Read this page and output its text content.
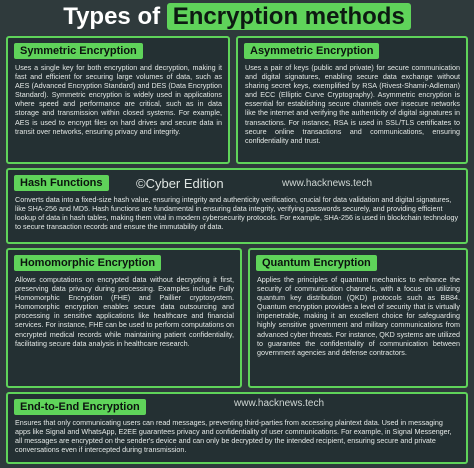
Types of Encryption methods
Symmetric Encryption
Uses a single key for both encryption and decryption, making it fast and efficient for securing large volumes of data, such as AES (Advanced Encryption Standard) and DES (Data Encryption Standard). Symmetric encryption is widely used in applications where speed and performance are critical, such as in data storage and transmission within closed systems. For example, AES is used to encrypt files on hard drives and secure data in transit over networks, ensuring privacy and integrity.
Asymmetric Encryption
Uses a pair of keys (public and private) for secure communication and digital signatures, enabling secure data exchange without sharing secret keys, exemplified by RSA (Rivest-Shamir-Adleman) and ECC (Elliptic Curve Cryptography). Asymmetric encryption is essential for establishing secure channels over insecure networks like the internet and verifying the authenticity of digital signatures in transactions. For instance, RSA is used in SSL/TLS certificates to secure online transactions and communications, ensuring confidentiality and trust.
Hash Functions
Converts data into a fixed-size hash value, ensuring integrity and authenticity verification, crucial for data validation and digital signatures, like SHA-256 and MD5. Hash functions are fundamental in ensuring data integrity, verifying passwords securely, and providing efficient lookup of data in hash tables, making them vital in modern cybersecurity protocols. For example, SHA-256 is used in blockchain technology to secure transaction records and ensure the immutability of data.
©Cyber Edition	www.hacknews.tech
Homomorphic Encryption
Allows computations on encrypted data without decrypting it first, preserving data privacy during processing. Examples include Fully Homomorphic Encryption (FHE) and Paillier cryptosystem. Homomorphic encryption enables secure data outsourcing and processing in sensitive applications like healthcare and financial services. For instance, FHE can be used to perform computations on encrypted medical records while maintaining patient confidentiality, facilitating secure data analysis in healthcare research.
Quantum Encryption
Applies the principles of quantum mechanics to enhance the security of communication channels, with a focus on utilizing quantum key distribution (QKD) protocols such as BB84. Quantum encryption provides a level of security that is virtually impenetrable, making it an excellent choice for safeguarding highly sensitive government and military communications from advanced cyber threats. For instance, QKD systems are utilized to guarantee the confidentiality of communication between government agencies and defense contractors.
End-to-End Encryption
Ensures that only communicating users can read messages, preventing third-parties from accessing plaintext data. Used in messaging apps like Signal and WhatsApp, E2EE guarantees privacy and confidentiality of user communications. For example, in Signal Messenger, all messages are encrypted on the sender's device and can only be decrypted by the intended recipient, ensuring secure and private conversations even if intercepted during transmission.
www.hacknews.tech
